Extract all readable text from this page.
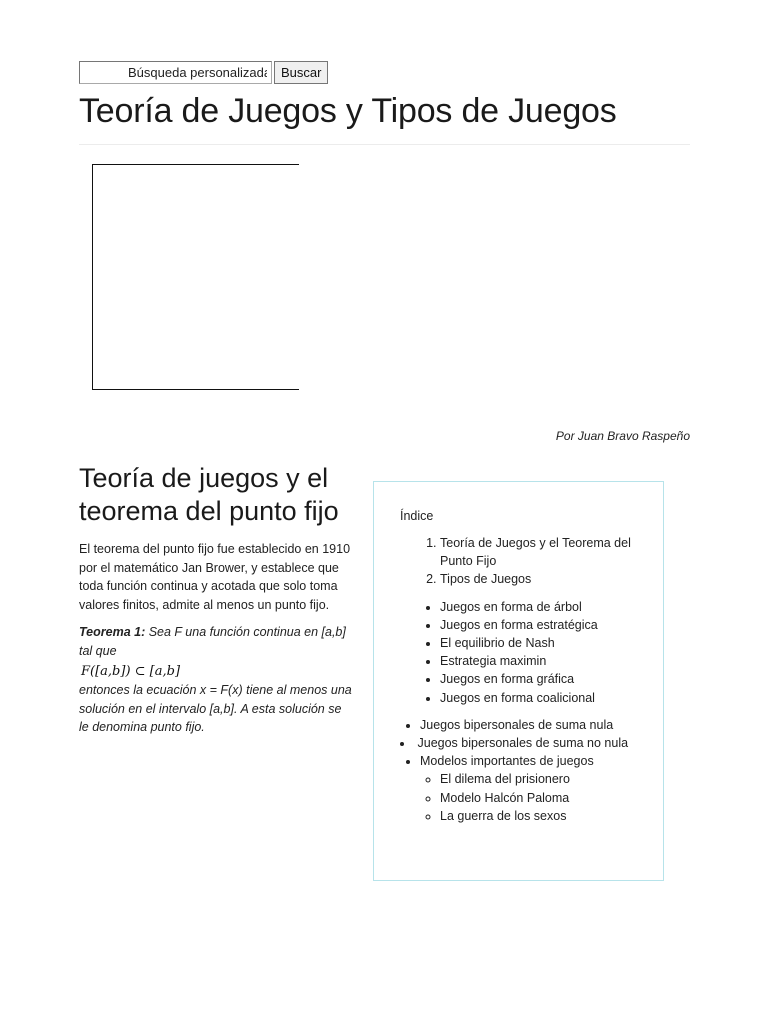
Búsqueda personalizada
Buscar
Teoría de Juegos y Tipos de Juegos
Por Juan Bravo Raspeño
Teoría de juegos y el teorema del punto fijo

El teorema del punto fijo fue establecido en 1910 por el matemático Jan Brower, y establece que toda función continua y acotada que solo toma valores finitos, admite al menos un punto fijo.

Teorema 1: Sea F una función continua en [a,b] tal que
F([a,b]) ⊂ [a,b]
entonces la ecuación x = F(x) tiene al menos una solución en el intervalo [a,b]. A esta solución se le denomina punto fijo.

Índice
1. Teoría de Juegos y el Teorema del Punto Fijo
2. Tipos de Juegos
• Juegos en forma de árbol
• Juegos en forma estratégica
• El equilibrio de Nash
• Estrategia maximin
• Juegos en forma gráfica
• Juegos en forma coalicional
• Juegos bipersonales de suma nula
• Juegos bipersonales de suma no nula
• Modelos importantes de juegos
◦ El dilema del prisionero
◦ Modelo Halcón Paloma
◦ La guerra de los sexos
